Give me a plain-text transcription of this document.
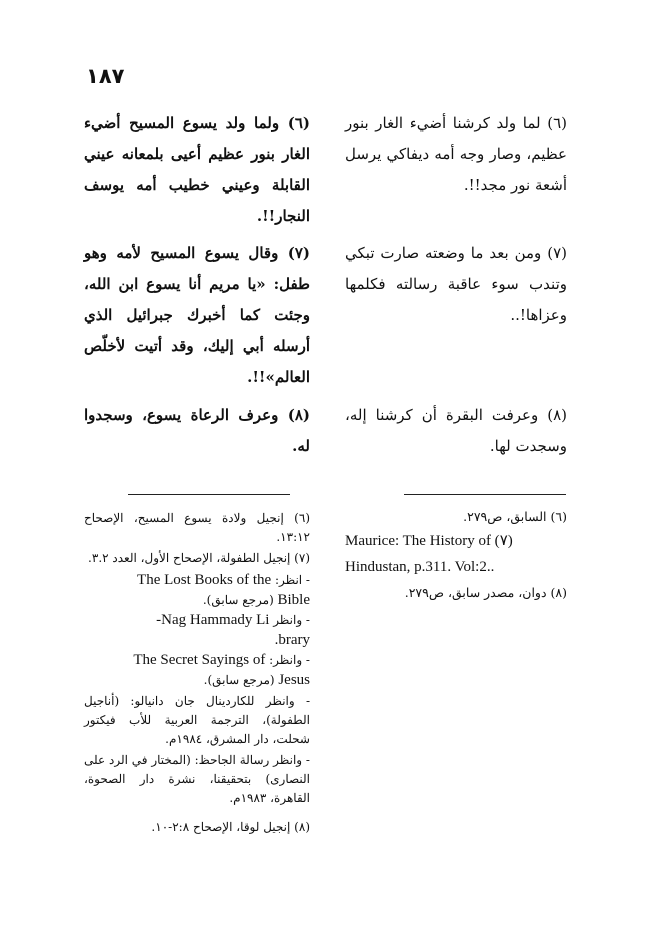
١٨٧

(٦) لما ولد كرشنا أضيء الغار بنور عظيم، وصار وجه أمه ديفاكي يرسل أشعة نور مجد!!.

(٧) ومن بعد ما وضعته صارت تبكي وتندب سوء عاقبة رسالته فكلمها وعزاها!..

(٨) وعرفت البقرة أن كرشنا إله، وسجدت لها.

(٦) ولما ولد يسوع المسيح أضيء الغار بنور عظيم أعيى بلمعانه عيني القابلة وعيني خطيب أمه يوسف النجار!!.

(٧) وقال يسوع المسيح لأمه وهو طفل: «يا مريم أنا يسوع ابن الله، وجئت كما أخبرك جبرائيل الذي أرسله أبي إليك، وقد أتيت لأخلّص العالم»!!.

(٨) وعرف الرعاة يسوع، وسجدوا له.

(٦) السابق، ص٢٧٩.

Maurice: The History of (٧)

Hindustan, p.311. Vol:2..

(٨) دوان، مصدر سابق، ص٢٧٩.

(٦) إنجيل ولادة يسوع المسيح، الإصحاح ١٣:١٢.

(٧) إنجيل الطفولة، الإصحاح الأول، العدد ٣.٢.

- انظر: The Lost Books of the

Bible (مرجع سابق).

- وانظر Nag Hammady Li-

brary.

- وانظر: The Secret Sayings of

Jesus (مرجع سابق).

- وانظر للكاردينال جان دانيالو: (أناجيل الطفولة)، الترجمة العربية للأب فيكتور شحلت، دار المشرق، ١٩٨٤م.

- وانظر رسالة الجاحظ: (المختار في الرد على النصارى) بتحقيقنا، نشرة دار الصحوة، القاهرة، ١٩٨٣م.

(٨) إنجيل لوقا، الإصحاح ٢:٨-١٠.
